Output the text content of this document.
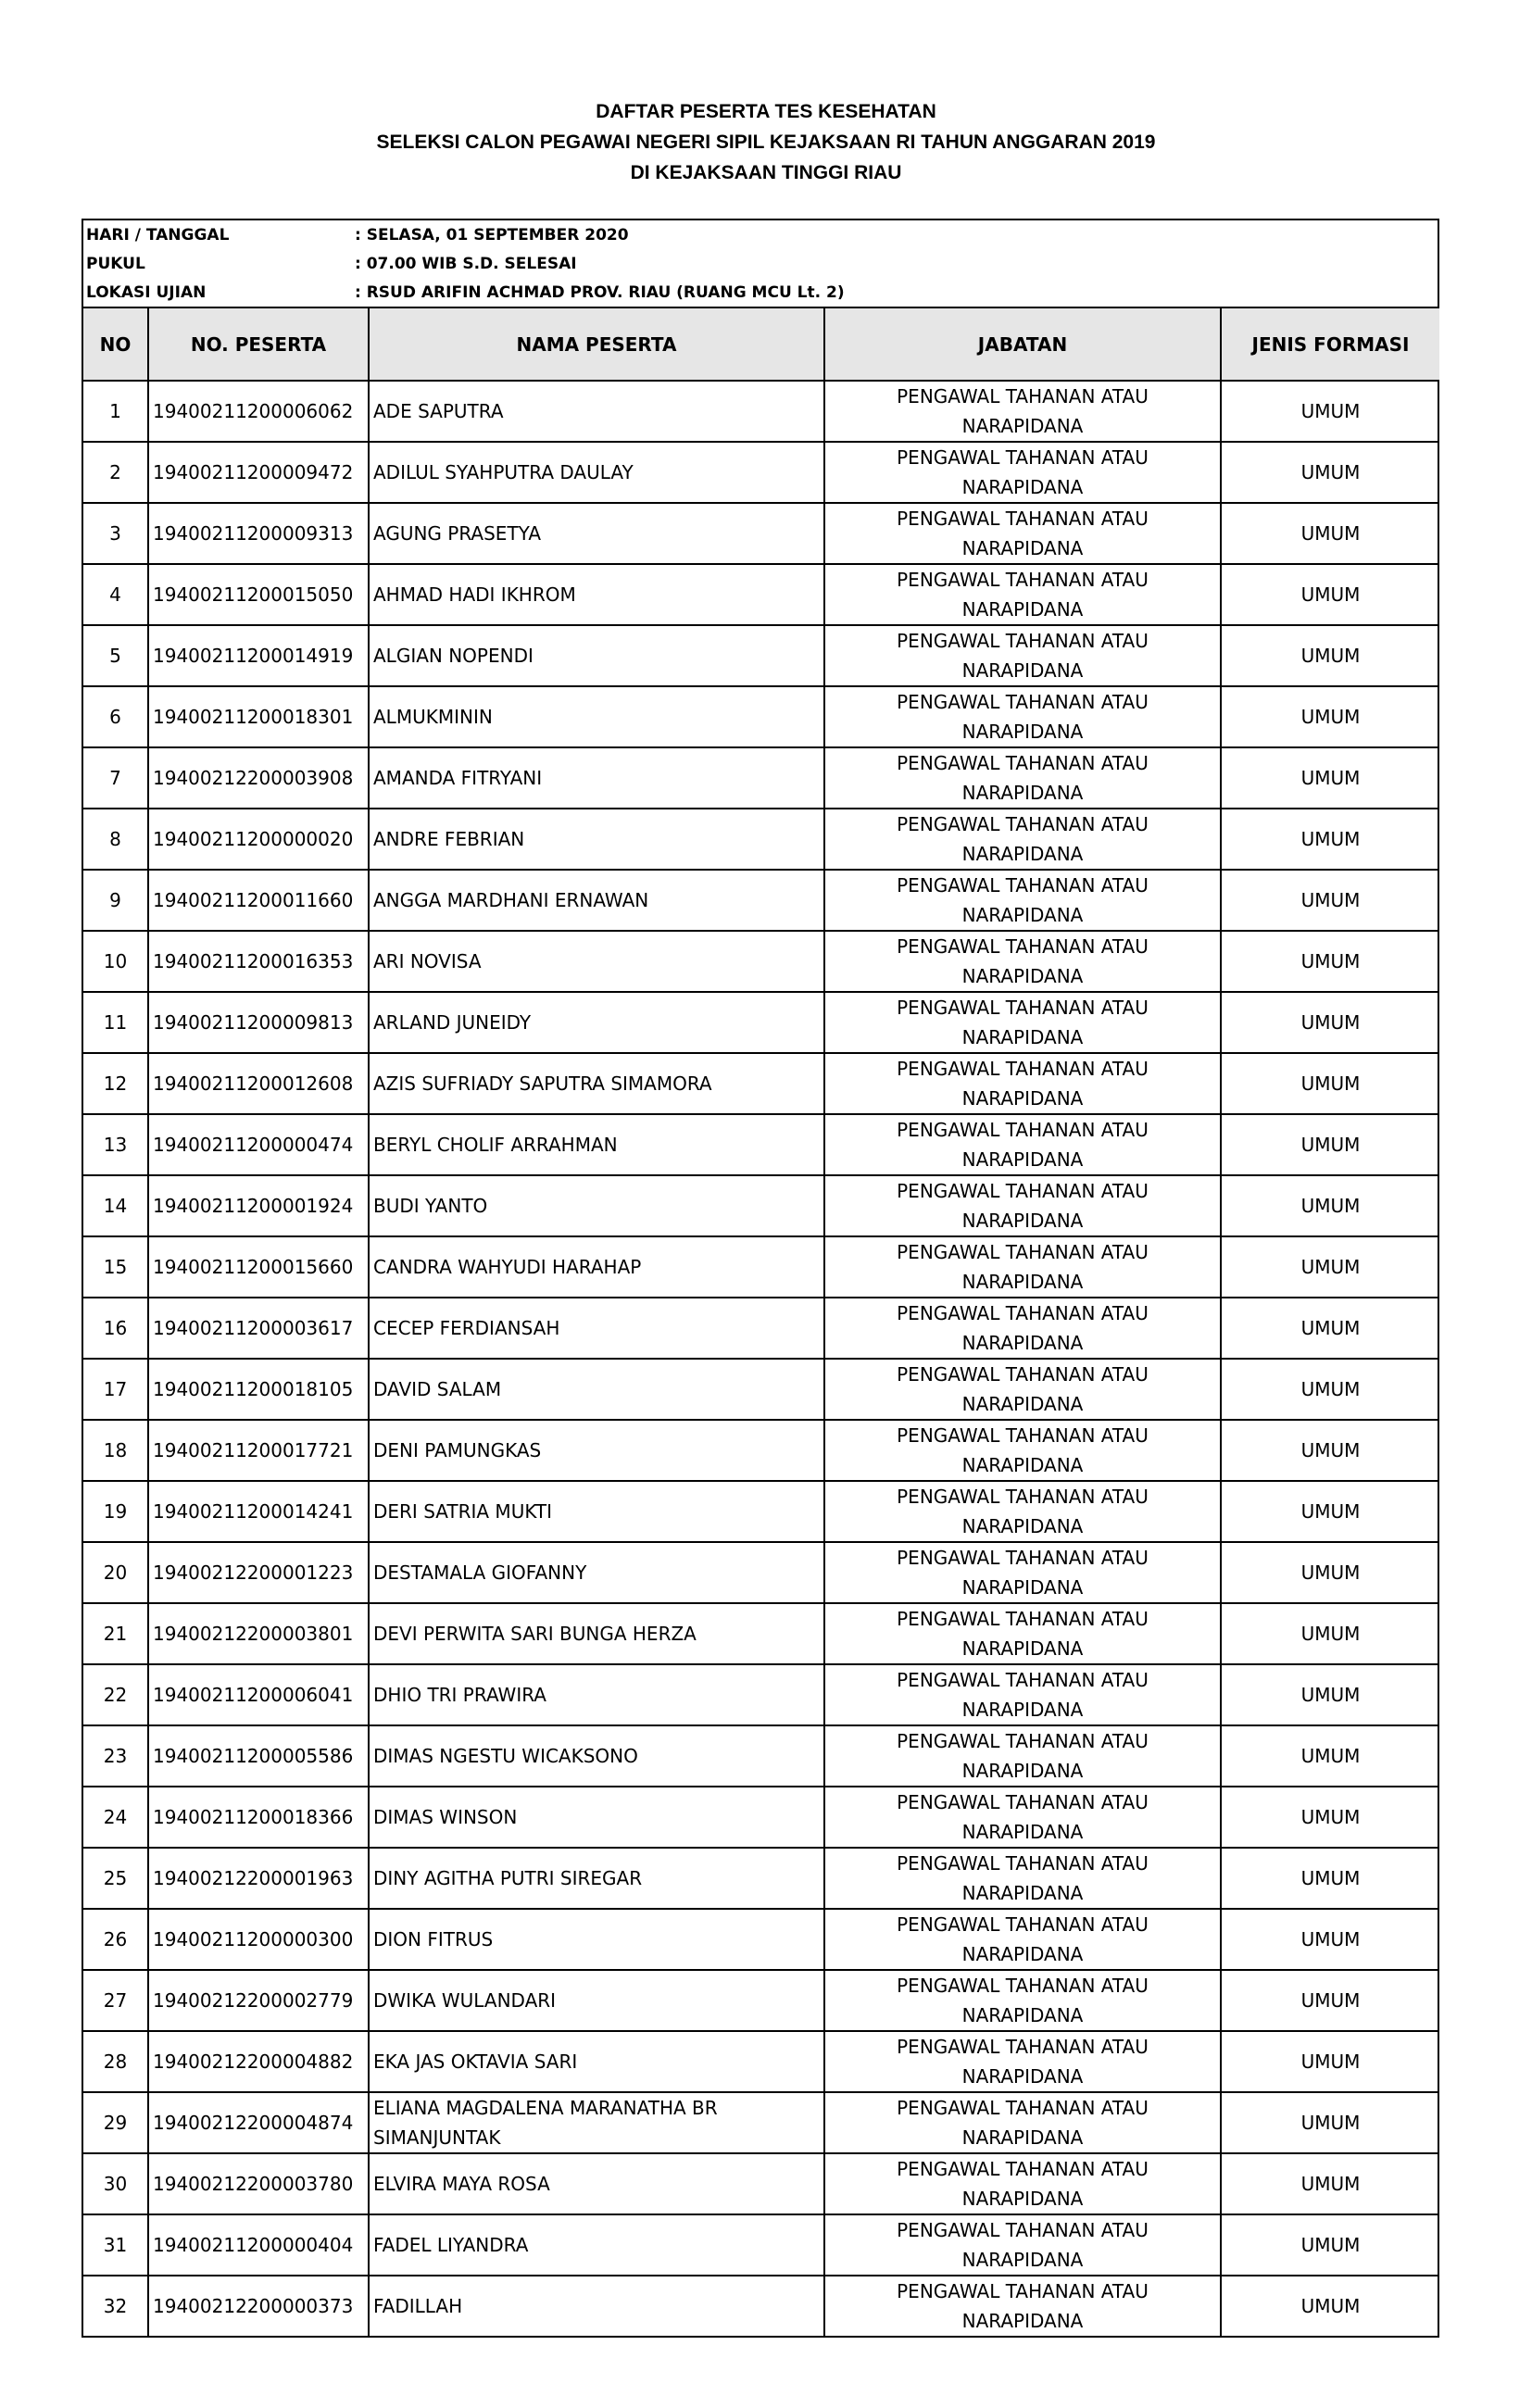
DAFTAR PESERTA TES KESEHATAN
SELEKSI CALON PEGAWAI NEGERI SIPIL KEJAKSAAN RI TAHUN ANGGARAN 2019
DI KEJAKSAAN TINGGI RIAU
HARI / TANGGAL	: SELASA, 01 SEPTEMBER 2020
PUKUL	: 07.00 WIB S.D. SELESAI
LOKASI UJIAN	: RSUD ARIFIN ACHMAD PROV. RIAU (RUANG MCU Lt. 2)
NO	NO. PESERTA	NAMA PESERTA	JABATAN	JENIS FORMASI
1	19400211200006062	ADE SAPUTRA	PENGAWAL TAHANAN ATAU NARAPIDANA	UMUM
2	19400211200009472	ADILUL SYAHPUTRA DAULAY	PENGAWAL TAHANAN ATAU NARAPIDANA	UMUM
3	19400211200009313	AGUNG PRASETYA	PENGAWAL TAHANAN ATAU NARAPIDANA	UMUM
4	19400211200015050	AHMAD HADI IKHROM	PENGAWAL TAHANAN ATAU NARAPIDANA	UMUM
5	19400211200014919	ALGIAN NOPENDI	PENGAWAL TAHANAN ATAU NARAPIDANA	UMUM
6	19400211200018301	ALMUKMININ	PENGAWAL TAHANAN ATAU NARAPIDANA	UMUM
7	19400212200003908	AMANDA FITRYANI	PENGAWAL TAHANAN ATAU NARAPIDANA	UMUM
8	19400211200000020	ANDRE FEBRIAN	PENGAWAL TAHANAN ATAU NARAPIDANA	UMUM
9	19400211200011660	ANGGA MARDHANI ERNAWAN	PENGAWAL TAHANAN ATAU NARAPIDANA	UMUM
10	19400211200016353	ARI NOVISA	PENGAWAL TAHANAN ATAU NARAPIDANA	UMUM
11	19400211200009813	ARLAND JUNEIDY	PENGAWAL TAHANAN ATAU NARAPIDANA	UMUM
12	19400211200012608	AZIS SUFRIADY SAPUTRA SIMAMORA	PENGAWAL TAHANAN ATAU NARAPIDANA	UMUM
13	19400211200000474	BERYL CHOLIF ARRAHMAN	PENGAWAL TAHANAN ATAU NARAPIDANA	UMUM
14	19400211200001924	BUDI YANTO	PENGAWAL TAHANAN ATAU NARAPIDANA	UMUM
15	19400211200015660	CANDRA WAHYUDI HARAHAP	PENGAWAL TAHANAN ATAU NARAPIDANA	UMUM
16	19400211200003617	CECEP FERDIANSAH	PENGAWAL TAHANAN ATAU NARAPIDANA	UMUM
17	19400211200018105	DAVID SALAM	PENGAWAL TAHANAN ATAU NARAPIDANA	UMUM
18	19400211200017721	DENI PAMUNGKAS	PENGAWAL TAHANAN ATAU NARAPIDANA	UMUM
19	19400211200014241	DERI SATRIA MUKTI	PENGAWAL TAHANAN ATAU NARAPIDANA	UMUM
20	19400212200001223	DESTAMALA GIOFANNY	PENGAWAL TAHANAN ATAU NARAPIDANA	UMUM
21	19400212200003801	DEVI PERWITA SARI BUNGA HERZA	PENGAWAL TAHANAN ATAU NARAPIDANA	UMUM
22	19400211200006041	DHIO TRI PRAWIRA	PENGAWAL TAHANAN ATAU NARAPIDANA	UMUM
23	19400211200005586	DIMAS NGESTU WICAKSONO	PENGAWAL TAHANAN ATAU NARAPIDANA	UMUM
24	19400211200018366	DIMAS WINSON	PENGAWAL TAHANAN ATAU NARAPIDANA	UMUM
25	19400212200001963	DINY AGITHA PUTRI SIREGAR	PENGAWAL TAHANAN ATAU NARAPIDANA	UMUM
26	19400211200000300	DION FITRUS	PENGAWAL TAHANAN ATAU NARAPIDANA	UMUM
27	19400212200002779	DWIKA WULANDARI	PENGAWAL TAHANAN ATAU NARAPIDANA	UMUM
28	19400212200004882	EKA JAS OKTAVIA SARI	PENGAWAL TAHANAN ATAU NARAPIDANA	UMUM
29	19400212200004874	ELIANA MAGDALENA MARANATHA BR SIMANJUNTAK	PENGAWAL TAHANAN ATAU NARAPIDANA	UMUM
30	19400212200003780	ELVIRA MAYA ROSA	PENGAWAL TAHANAN ATAU NARAPIDANA	UMUM
31	19400211200000404	FADEL LIYANDRA	PENGAWAL TAHANAN ATAU NARAPIDANA	UMUM
32	19400212200000373	FADILLAH	PENGAWAL TAHANAN ATAU NARAPIDANA	UMUM
